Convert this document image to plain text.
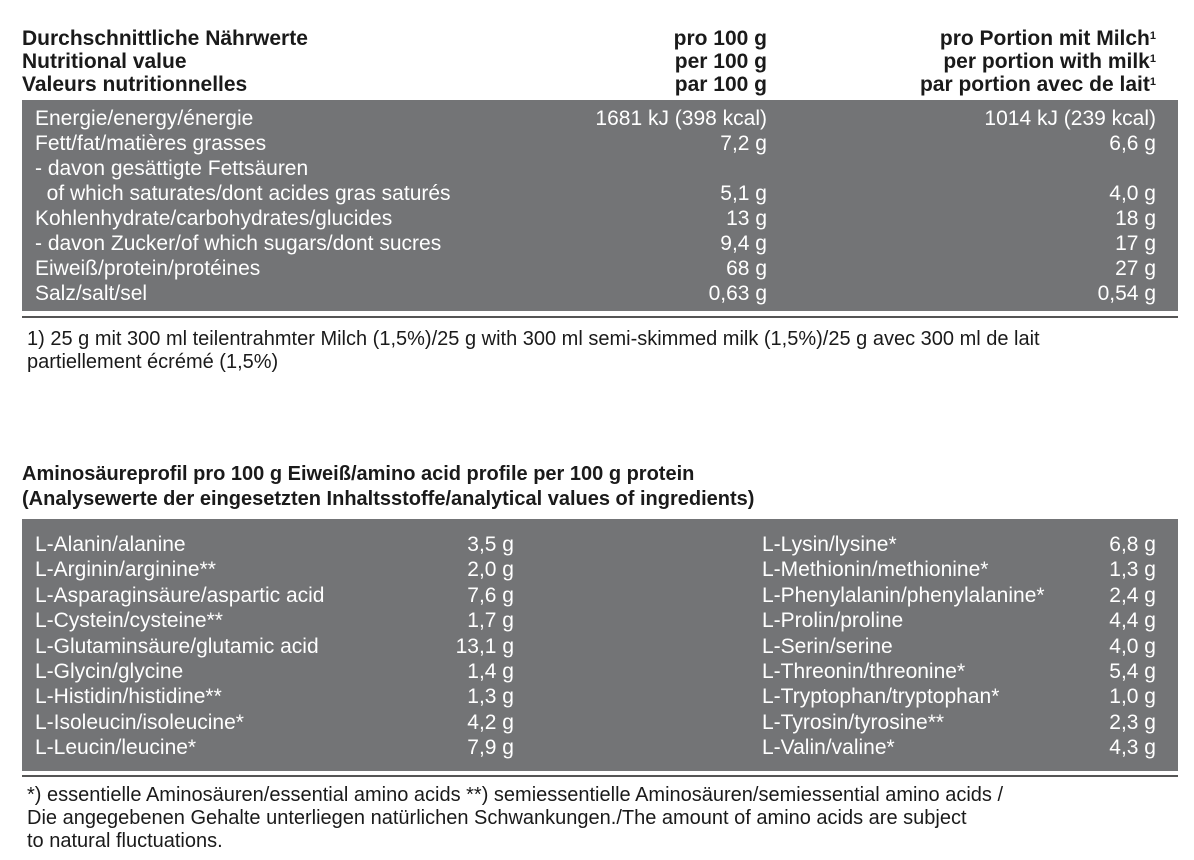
Durchschnittliche Nährwerte	pro 100 g	pro Portion mit Milch$^1$
Nutritional value	per 100 g	per portion with milk$^1$
Valeurs nutritionnelles	par 100 g	par portion avec de lait$^1$
Energie/energy/énergie	1681 kJ (398 kcal)	1014 kJ (239 kcal)
Fett/fat/matières grasses	7,2 g	6,6 g
- davon gesättigte Fettsäuren
of which saturates/dont acides gras saturés	5,1 g	4,0 g
Kohlenhydrate/carbohydrates/glucides	13 g	18 g
- davon Zucker/of which sugars/dont sucres	9,4 g	17 g
Eiweiß/protein/protéines	68 g	27 g
Salz/salt/sel	0,63 g	0,54 g
1) 25 g mit 300 ml teilentrahmter Milch (1,5%)/25 g with 300 ml semi-skimmed milk (1,5%)/25 g avec 300 ml de lait
partiellement écrémé (1,5%)
Aminosäureprofil pro 100 g Eiweiß/amino acid profile per 100 g protein
(Analysewerte der eingesetzten Inhaltsstoffe/analytical values of ingredients)
L-Alanin/alanine	3,5 g	L-Lysin/lysine*	6,8 g
L-Arginin/arginine**	2,0 g	L-Methionin/methionine*	1,3 g
L-Asparaginsäure/aspartic acid	7,6 g	L-Phenylalanin/phenylalanine*	2,4 g
L-Cystein/cysteine**	1,7 g	L-Prolin/proline	4,4 g
L-Glutaminsäure/glutamic acid	13,1 g	L-Serin/serine	4,0 g
L-Glycin/glycine	1,4 g	L-Threonin/threonine*	5,4 g
L-Histidin/histidine**	1,3 g	L-Tryptophan/tryptophan*	1,0 g
L-Isoleucin/isoleucine*	4,2 g	L-Tyrosin/tyrosine**	2,3 g
L-Leucin/leucine*	7,9 g	L-Valin/valine*	4,3 g
*) essentielle Aminosäuren/essential amino acids **) semiessentielle Aminosäuren/semiessential amino acids /
Die angegebenen Gehalte unterliegen natürlichen Schwankungen./The amount of amino acids are subject
to natural fluctuations.
